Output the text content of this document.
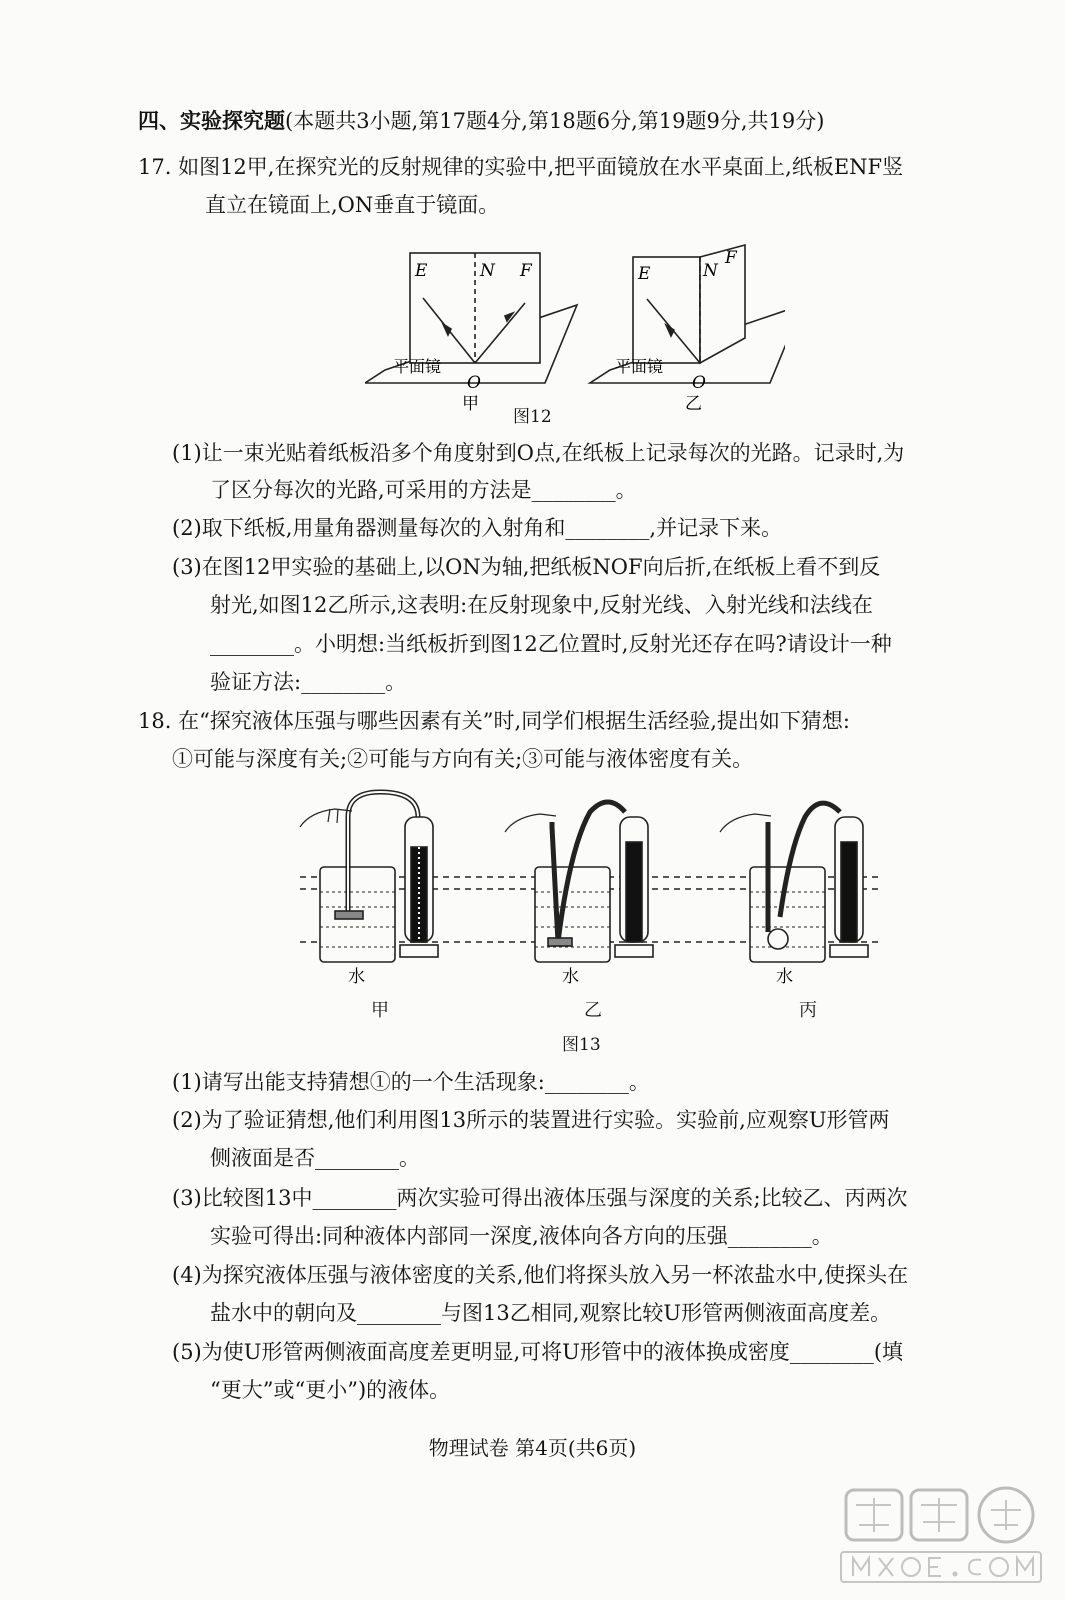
四、实验探究题(本题共3小题,第17题4分,第18题6分,第19题9分,共19分)
17. 如图12甲,在探究光的反射规律的实验中,把平面镜放在水平桌面上,纸板ENF竖
直立在镜面上,ON垂直于镜面。
E	N F
O
平面镜
甲
E	N
F
O
平面镜
乙
图12
(1)让一束光贴着纸板沿多个角度射到O点,在纸板上记录每次的光路。记录时,为
了区分每次的光路,可采用的方法是________。
(2)取下纸板,用量角器测量每次的入射角和________,并记录下来。
(3)在图12甲实验的基础上,以ON为轴,把纸板NOF向后折,在纸板上看不到反
射光,如图12乙所示,这表明:在反射现象中,反射光线、入射光线和法线在
________。小明想:当纸板折到图12乙位置时,反射光还存在吗?请设计一种
验证方法:________。
18. 在“探究液体压强与哪些因素有关”时,同学们根据生活经验,提出如下猜想:
①可能与深度有关;②可能与方向有关;③可能与液体密度有关。
水	水	水
甲	乙	丙
图13
(1)请写出能支持猜想①的一个生活现象:________。
(2)为了验证猜想,他们利用图13所示的装置进行实验。实验前,应观察U形管两
侧液面是否________。
(3)比较图13中________两次实验可得出液体压强与深度的关系;比较乙、丙两次
实验可得出:同种液体内部同一深度,液体向各方向的压强________。
(4)为探究液体压强与液体密度的关系,他们将探头放入另一杯浓盐水中,使探头在
盐水中的朝向及________与图13乙相同,观察比较U形管两侧液面高度差。
(5)为使U形管两侧液面高度差更明显,可将U形管中的液体换成密度________(填
“更大”或“更小”)的液体。
物理试卷 第4页(共6页)
